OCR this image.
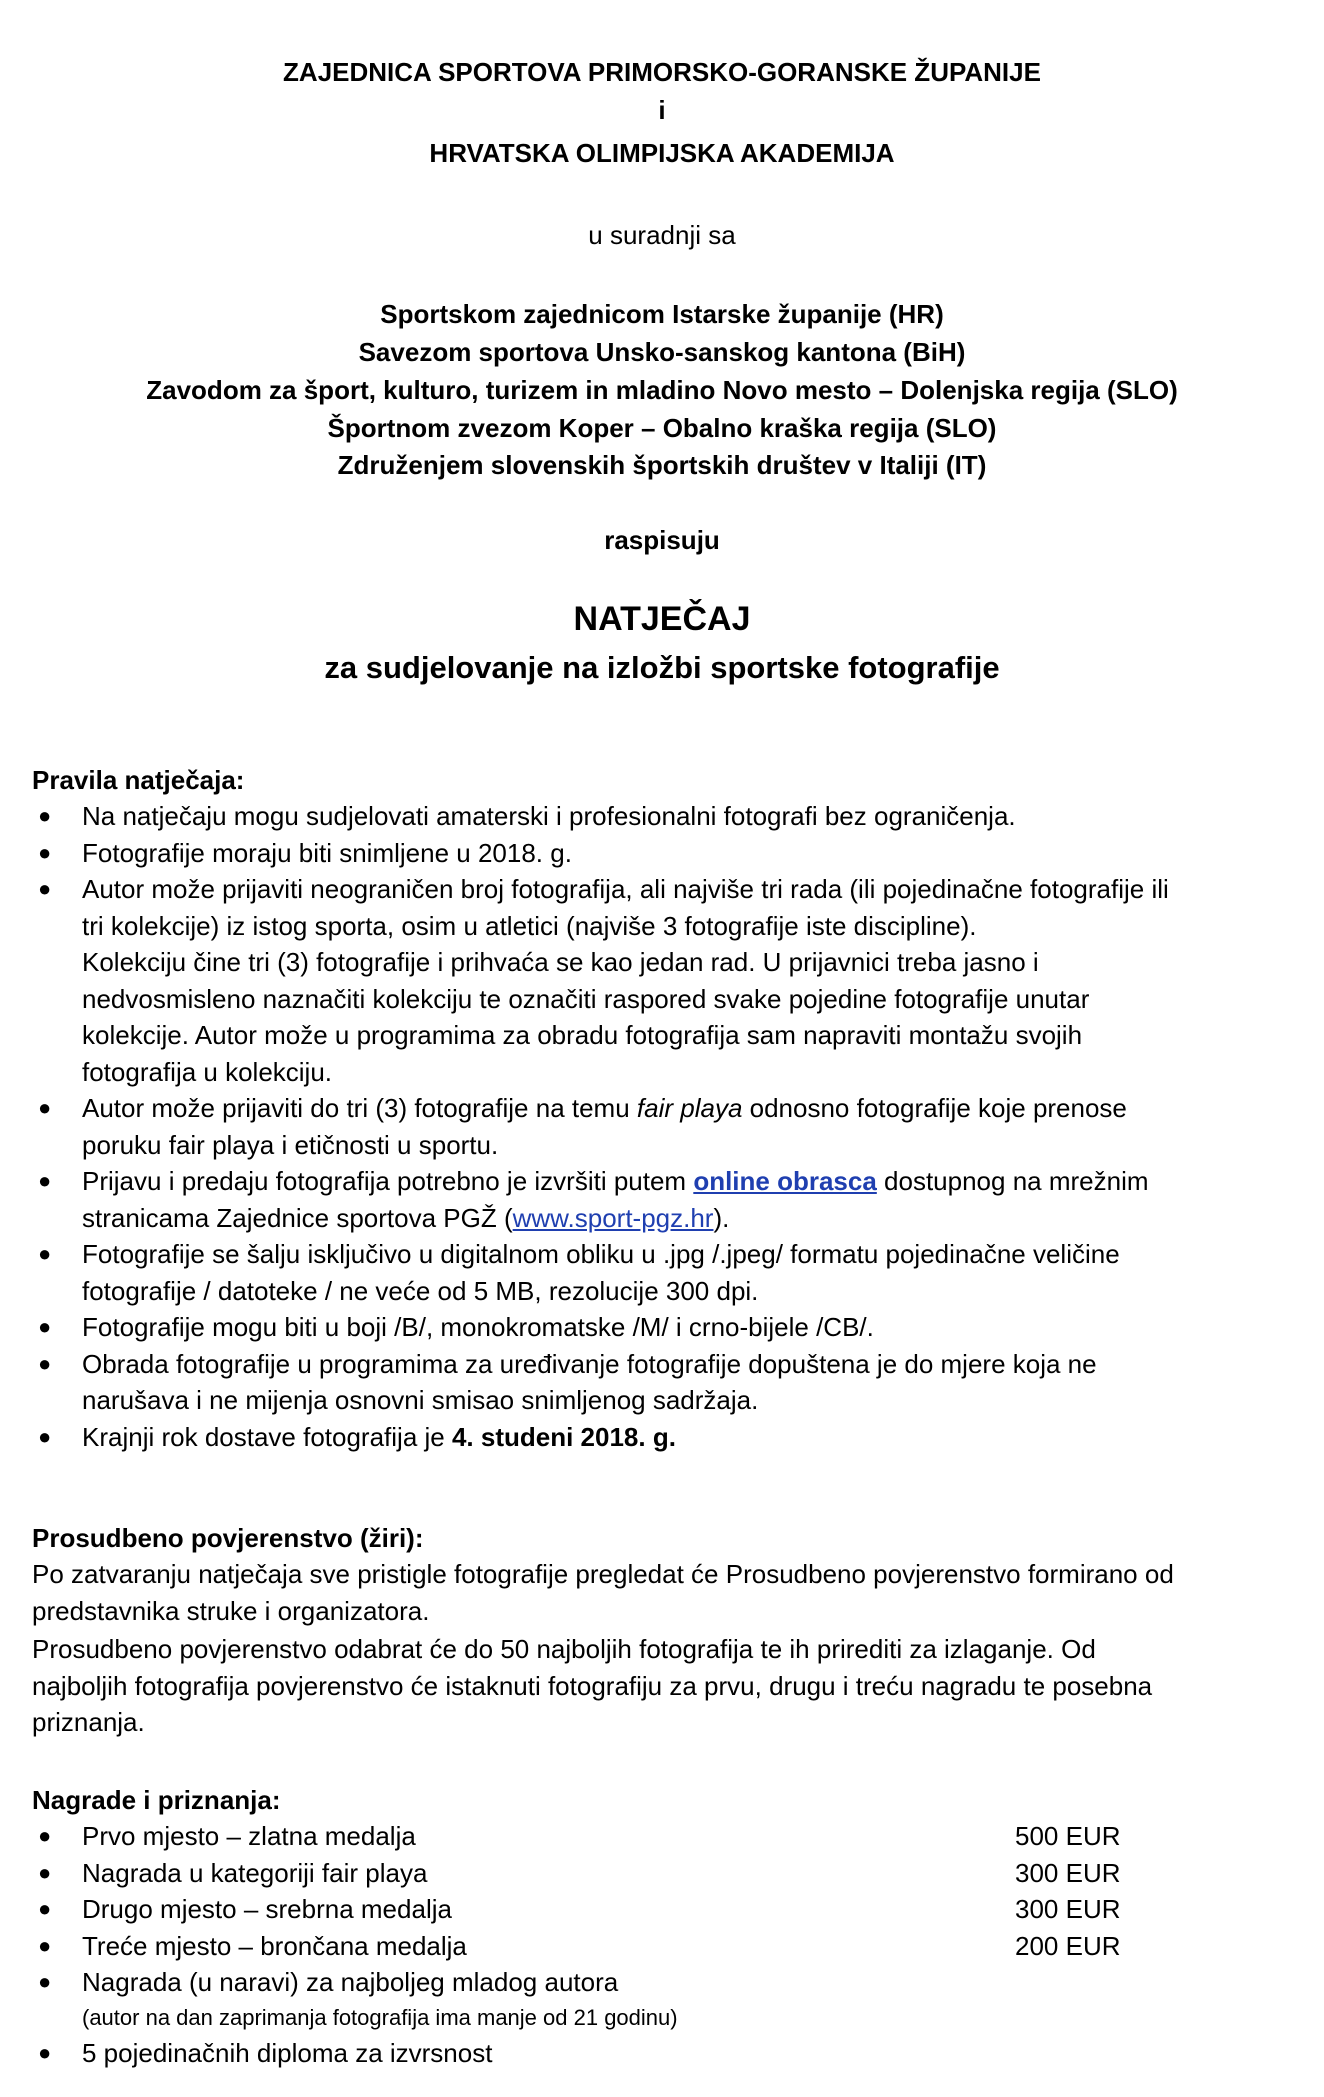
ZAJEDNICA SPORTOVA PRIMORSKO-GORANSKE ŽUPANIJE
i
HRVATSKA OLIMPIJSKA AKADEMIJA
u suradnji sa
Sportskom zajednicom Istarske županije (HR)
Savezom sportova Unsko-sanskog kantona (BiH)
Zavodom za šport, kulturo, turizem in mladino Novo mesto – Dolenjska regija (SLO)
Športnom zvezom Koper – Obalno kraška regija (SLO)
Združenjem slovenskih športskih društev v Italiji (IT)
raspisuju
NATJEČAJ
za sudjelovanje na izložbi sportske fotografije
Pravila natječaja:
● Na natječaju mogu sudjelovati amaterski i profesionalni fotografi bez ograničenja.
● Fotografije moraju biti snimljene u 2018. g.
● Autor može prijaviti neograničen broj fotografija, ali najviše tri rada (ili pojedinačne fotografije ili
tri kolekcije) iz istog sporta, osim u atletici (najviše 3 fotografije iste discipline).
Kolekciju čine tri (3) fotografije i prihvaća se kao jedan rad. U prijavnici treba jasno i
nedvosmisleno naznačiti kolekciju te označiti raspored svake pojedine fotografije unutar
kolekcije. Autor može u programima za obradu fotografija sam napraviti montažu svojih
fotografija u kolekciju.
● Autor može prijaviti do tri (3) fotografije na temu fair playa odnosno fotografije koje prenose
poruku fair playa i etičnosti u sportu.
● Prijavu i predaju fotografija potrebno je izvršiti putem online obrasca dostupnog na mrežnim
stranicama Zajednice sportova PGŽ (www.sport-pgz.hr).
● Fotografije se šalju isključivo u digitalnom obliku u .jpg /.jpeg/ formatu pojedinačne veličine
fotografije / datoteke / ne veće od 5 MB, rezolucije 300 dpi.
● Fotografije mogu biti u boji /B/, monokromatske /M/ i crno-bijele /CB/.
● Obrada fotografije u programima za uređivanje fotografije dopuštena je do mjere koja ne
narušava i ne mijenja osnovni smisao snimljenog sadržaja.
● Krajnji rok dostave fotografija je 4. studeni 2018. g.
Prosudbeno povjerenstvo (žiri):
Po zatvaranju natječaja sve pristigle fotografije pregledat će Prosudbeno povjerenstvo formirano od
predstavnika struke i organizatora.
Prosudbeno povjerenstvo odabrat će do 50 najboljih fotografija te ih prirediti za izlaganje. Od
najboljih fotografija povjerenstvo će istaknuti fotografiju za prvu, drugu i treću nagradu te posebna
priznanja.
Nagrade i priznanja:
● Prvo mjesto – zlatna medalja	500 EUR
● Nagrada u kategoriji fair playa	300 EUR
● Drugo mjesto – srebrna medalja	300 EUR
● Treće mjesto – brončana medalja	200 EUR
● Nagrada (u naravi) za najboljeg mladog autora
(autor na dan zaprimanja fotografija ima manje od 21 godinu)
● 5 pojedinačnih diploma za izvrsnost
